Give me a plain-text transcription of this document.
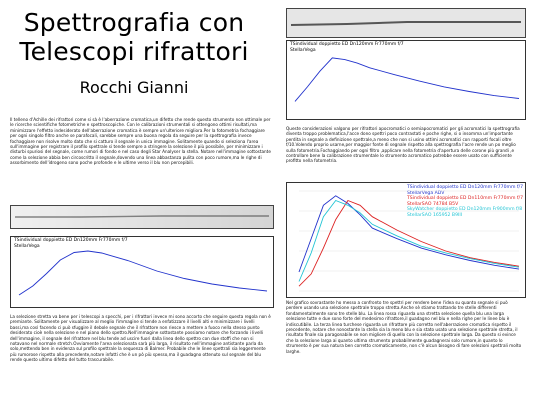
Spettrografia con
Telescopi rifrattori
Rocchi Gianni
Il telleno d'Achille dei rifrattori come si sà è l'aberrazione cromatica,un difetto che rende questo strumento non ottimale per le ricerche scientifiche fotometriche e spettroscopiche. Con le calibrazioni strumentali si ottengono ottimi risultati,ma minimizzare l'effetto indesiderato dell'aberrazione cromatica è sempre un'ulteriore migliora.Per la fotometria fochaggiare per ogni singolo filtro anche se parafocali, sarebbe sempre una buona regola da seguire per la spettrografia invece fochaggiare non risolve molto dato che si catturo il segnale in unica immagine. Solitamente quando si seleziona l'area sull'immagine per registrare il profilo spettrale si tende sempre a stringere la selezione il più possibile, per minimizzare i disturbi spuriosi del segnale, come rumori di fondo e nel caso degli Star Analyser la stella. Notare nell'immagine sottostante come la selezione abbia ben circoscritto il segnale,dovendo una linea abbastanza pulita con poco rumore,ma le righe di assorbimento dell'idrogeno sono poche profonde e le ultime verso il blu non percepibili.
TSindividual doppietto ED Dn120mm Fr770mm f/7
StellarVega
La selezione stretta va bene per i telescopi a specchi, per i rifrattori invece mi sono accorto che seguire questa regola non è premiante. Solitamente per visualizzare al meglio l'immagine si tende a enfatizzare il livelli alti e minimizzare i livelli bassi,ma così facendo ci può sfuggire il debole segnale che il rifrattore non riesce a mettere a fuoco nella stesso punto desiderato cioè nella selezione e nel piano dello spettro.Nell'immagine sottostante possiamo notare che forzando i livelli dell'immagine, il segnale del rifrattore nel blu tende ad uscire fuori dalla linea dello spettro con due stoffi che non si notavano nel normale stretch.Ovviamente l'area selezionata sarà più larga, il risultato nell'immagine antistante parla da solo,mettendo ben in evidenza sul profilo spettrale la sequenza di Balmer. Probabile che le linee spettrali sia leggermente più rumorose rispetto alla precedente,notare infatti che è un pò più spesso,ma il guadagno ottenuto sul segnale del blu rende questo ultimo difetto del tutto trascurabile.
TSindividual doppietto ED Dn120mm Fr770mm f/7
StellarVega
Queste considerazioni valgono per rifrattori apocromatici o semiapocromatici per gli acromatici la spettrografia diventa troppo problematica,l'acce dono spettri poco contrastati e poche righe, si o insomma un'importante perdita in segnale a definizione spettrale,a meno che non si usino ottimi acromatici con rapporti focali oltre f/10.Volendo proprio usarne,per maggior fonte di segnale rispetto alla spettrografia l'acre rende un po meglio sulla fotometria.Fochaggiando per ogni filtro ,applicare nella fotometria d'apertura delle corone più grandi ,e controllare bene la calibrazione strumentale lo strumento acromatico potrebbe essere usato con sufficiente profitto nella fotometria.
TSindividual doppietto ED Dn120mm Fr770mm f/7
StellarVega ADV
TSindividual doppietto ED Dn110mm Fr770mm f/7
StellarSAO 74784 B5V
SkyWatcher doppietto ED Dn120mm Fr900mm f/8
StellarSAO 165952 B9III
Nel grafico sovrastante ho messo a confronto tre spettri per rendere bene l'idea su quanto segnale si può perdere usando una selezione spettrale troppo stretta.Anche sè stiamo trattando tre stelle differenti fondamentalmente sono tre stelle blu. La linea rossa riguarda una stretta selezione quella blu una larga selezione tutte e due sono forte del medesimo rifrattore,il guadagno nel blu e nella righe per le linee blu è indiscutibile. La terza linea turchese riguarda un rifrattore più corretto nell'aberrazione cromatica rispetto il precedente, notare che nonostante la stella sia la meno blu e sia stato usato una selezione spettrale stretta, il risultato finale sia paragonabile se non migliore di quello con la selezione spettrale larga. Da questo si evince che la selezione larga ai quanto ultima strumento probabilmente guadagnerai solo rumore,in quanto lo strumento è per sua natura ben corretto cromaticamente, non c'è alcun bisogno di fare selezioni spettrali molto larghe.
